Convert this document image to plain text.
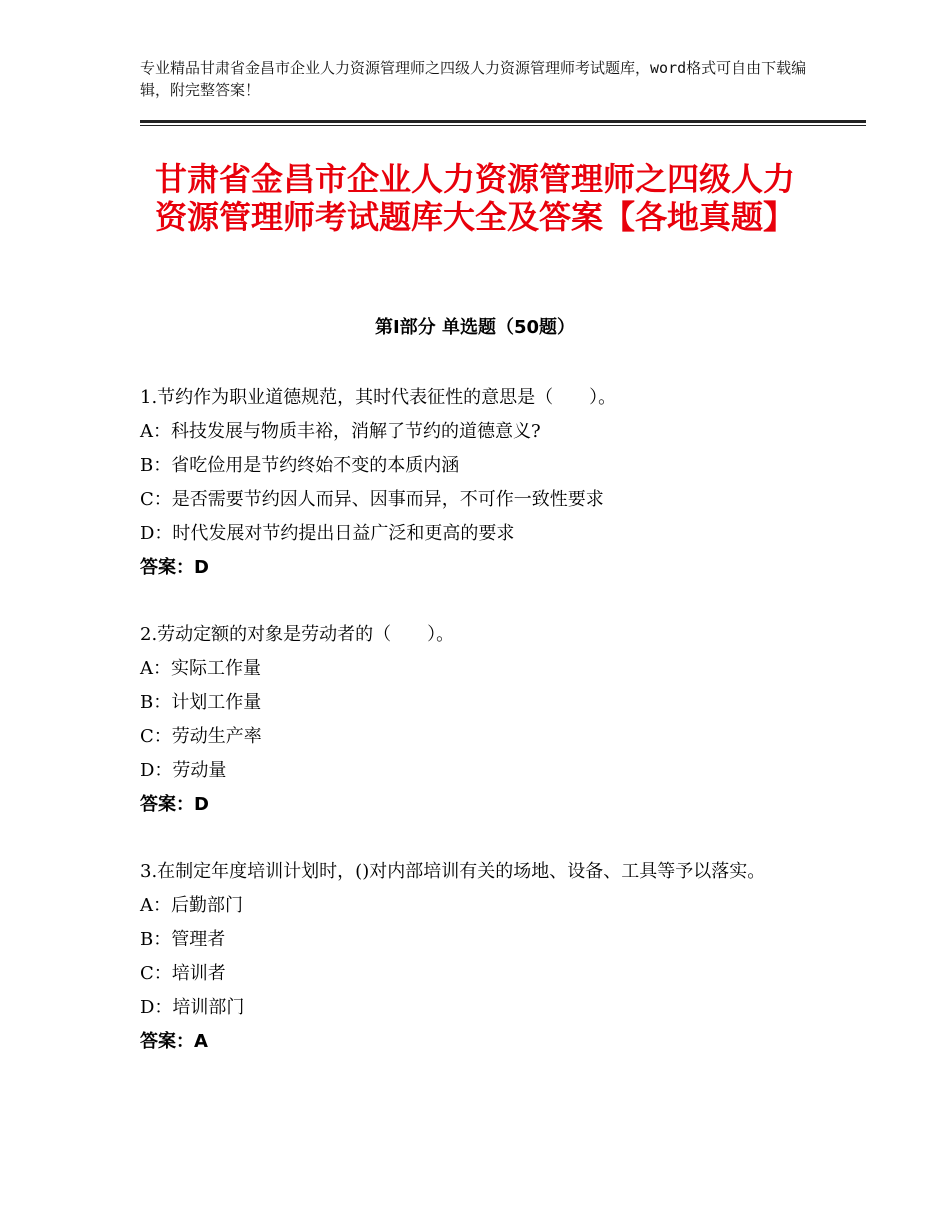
专业精品甘肃省金昌市企业人力资源管理师之四级人力资源管理师考试题库，word格式可自由下载编辑，附完整答案！
甘肃省金昌市企业人力资源管理师之四级人力资源管理师考试题库大全及答案【各地真题】
第I部分 单选题（50题）
1.节约作为职业道德规范，其时代表征性的意思是（　　）。
A：科技发展与物质丰裕，消解了节约的道德意义?
B：省吃俭用是节约终始不变的本质内涵
C：是否需要节约因人而异、因事而异，不可作一致性要求
D：时代发展对节约提出日益广泛和更高的要求
答案：D
2.劳动定额的对象是劳动者的（　　）。
A：实际工作量
B：计划工作量
C：劳动生产率
D：劳动量
答案：D
3.在制定年度培训计划时，()对内部培训有关的场地、设备、工具等予以落实。
A：后勤部门
B：管理者
C：培训者
D：培训部门
答案：A
